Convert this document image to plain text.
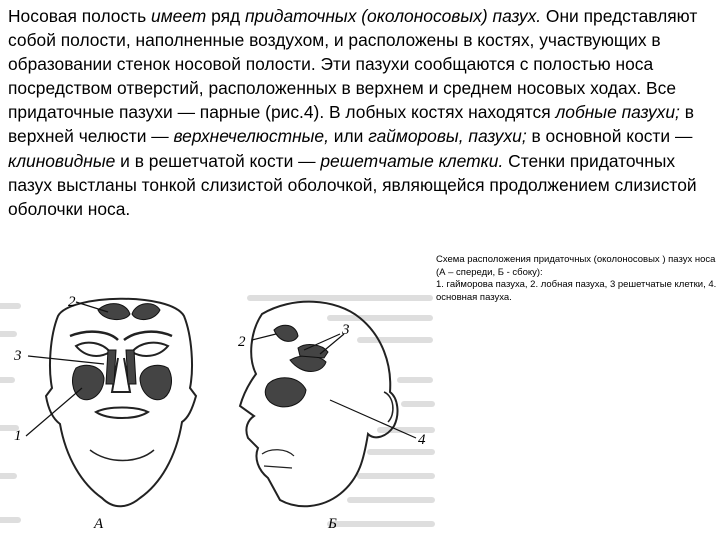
Носовая полость имеет ряд придаточных (околоносовых) пазух. Они представляют собой полости, наполненные воздухом, и расположены в костях, участвующих в образовании стенок носовой полости. Эти пазухи сообщаются с полостью носа посредством отверстий, расположенных в верхнем и среднем носовых ходах. Все придаточные пазухи — парные (рис.4). В лобных костях находятся лобные пазухи; в верхней челюсти — верхнечелюстные, или гайморовы, пазухи; в основной кости — клиновидные и в решетчатой кости — решетчатые клетки. Стенки придаточных пазух выстланы тонкой слизистой оболочкой, являющейся продолжением слизистой оболочки носа.

Схема расположения придаточных (околоносовых ) пазух носа (А – спереди, Б - сбоку):
1. гайморова пазуха, 2. лобная пазуха, 3 решетчатые клетки, 4. основная пазуха.
2
3
1
А
2
3
4
Б
